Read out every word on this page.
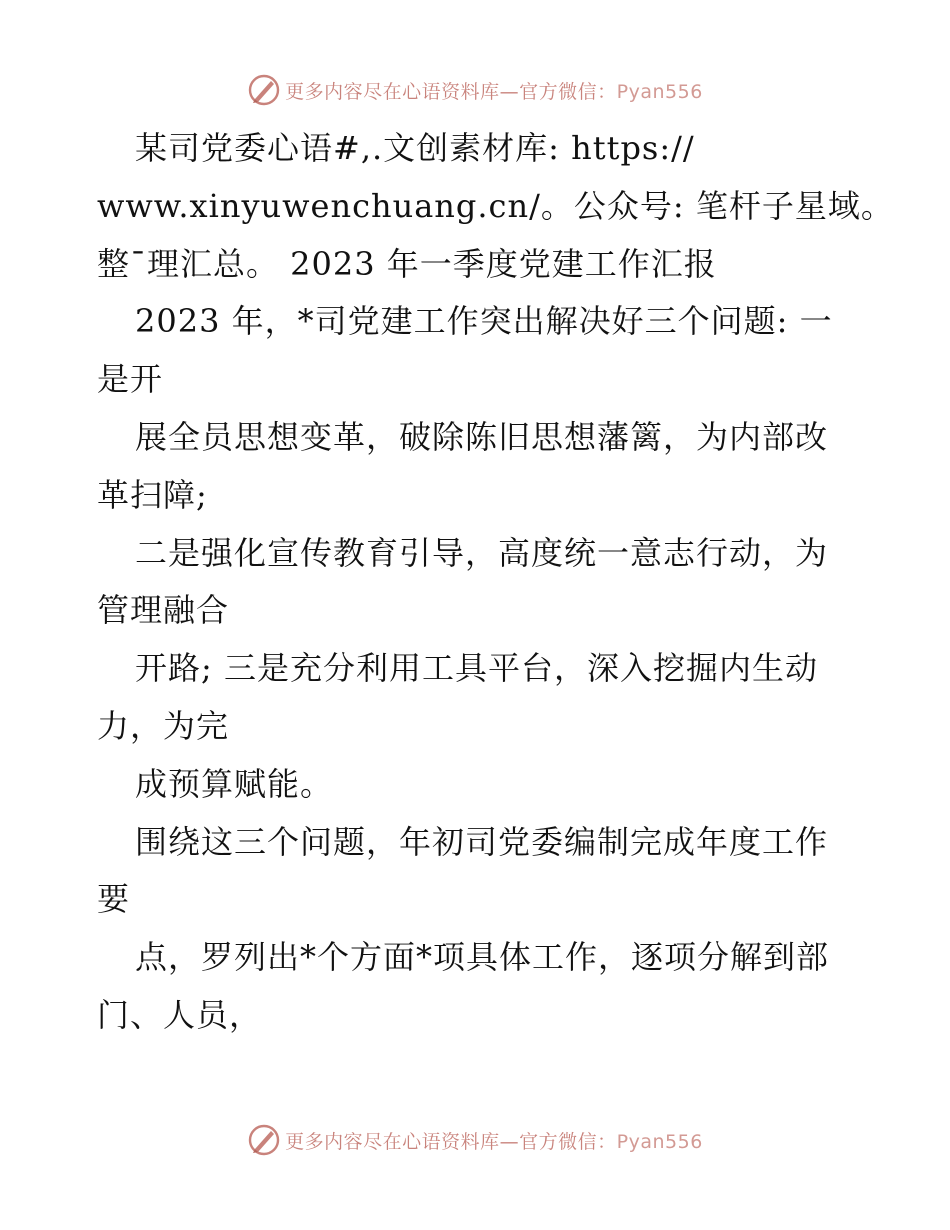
更多内容尽在心语资料库—官方微信：Pyan556
某司党委心语#,.文创素材库: https://
www.xinyuwenchuang.cn/。公众号: 笔杆子星域。
整¯理汇总。 2023 年一季度党建工作汇报
2023 年，*司党建工作突出解决好三个问题: 一
是开
展全员思想变革，破除陈旧思想藩篱，为内部改
革扫障;
二是强化宣传教育引导，高度统一意志行动，为
管理融合
开路; 三是充分利用工具平台，深入挖掘内生动
力，为完
成预算赋能。
围绕这三个问题，年初司党委编制完成年度工作
要
点，罗列出*个方面*项具体工作，逐项分解到部
门、人员，
更多内容尽在心语资料库—官方微信：Pyan556
